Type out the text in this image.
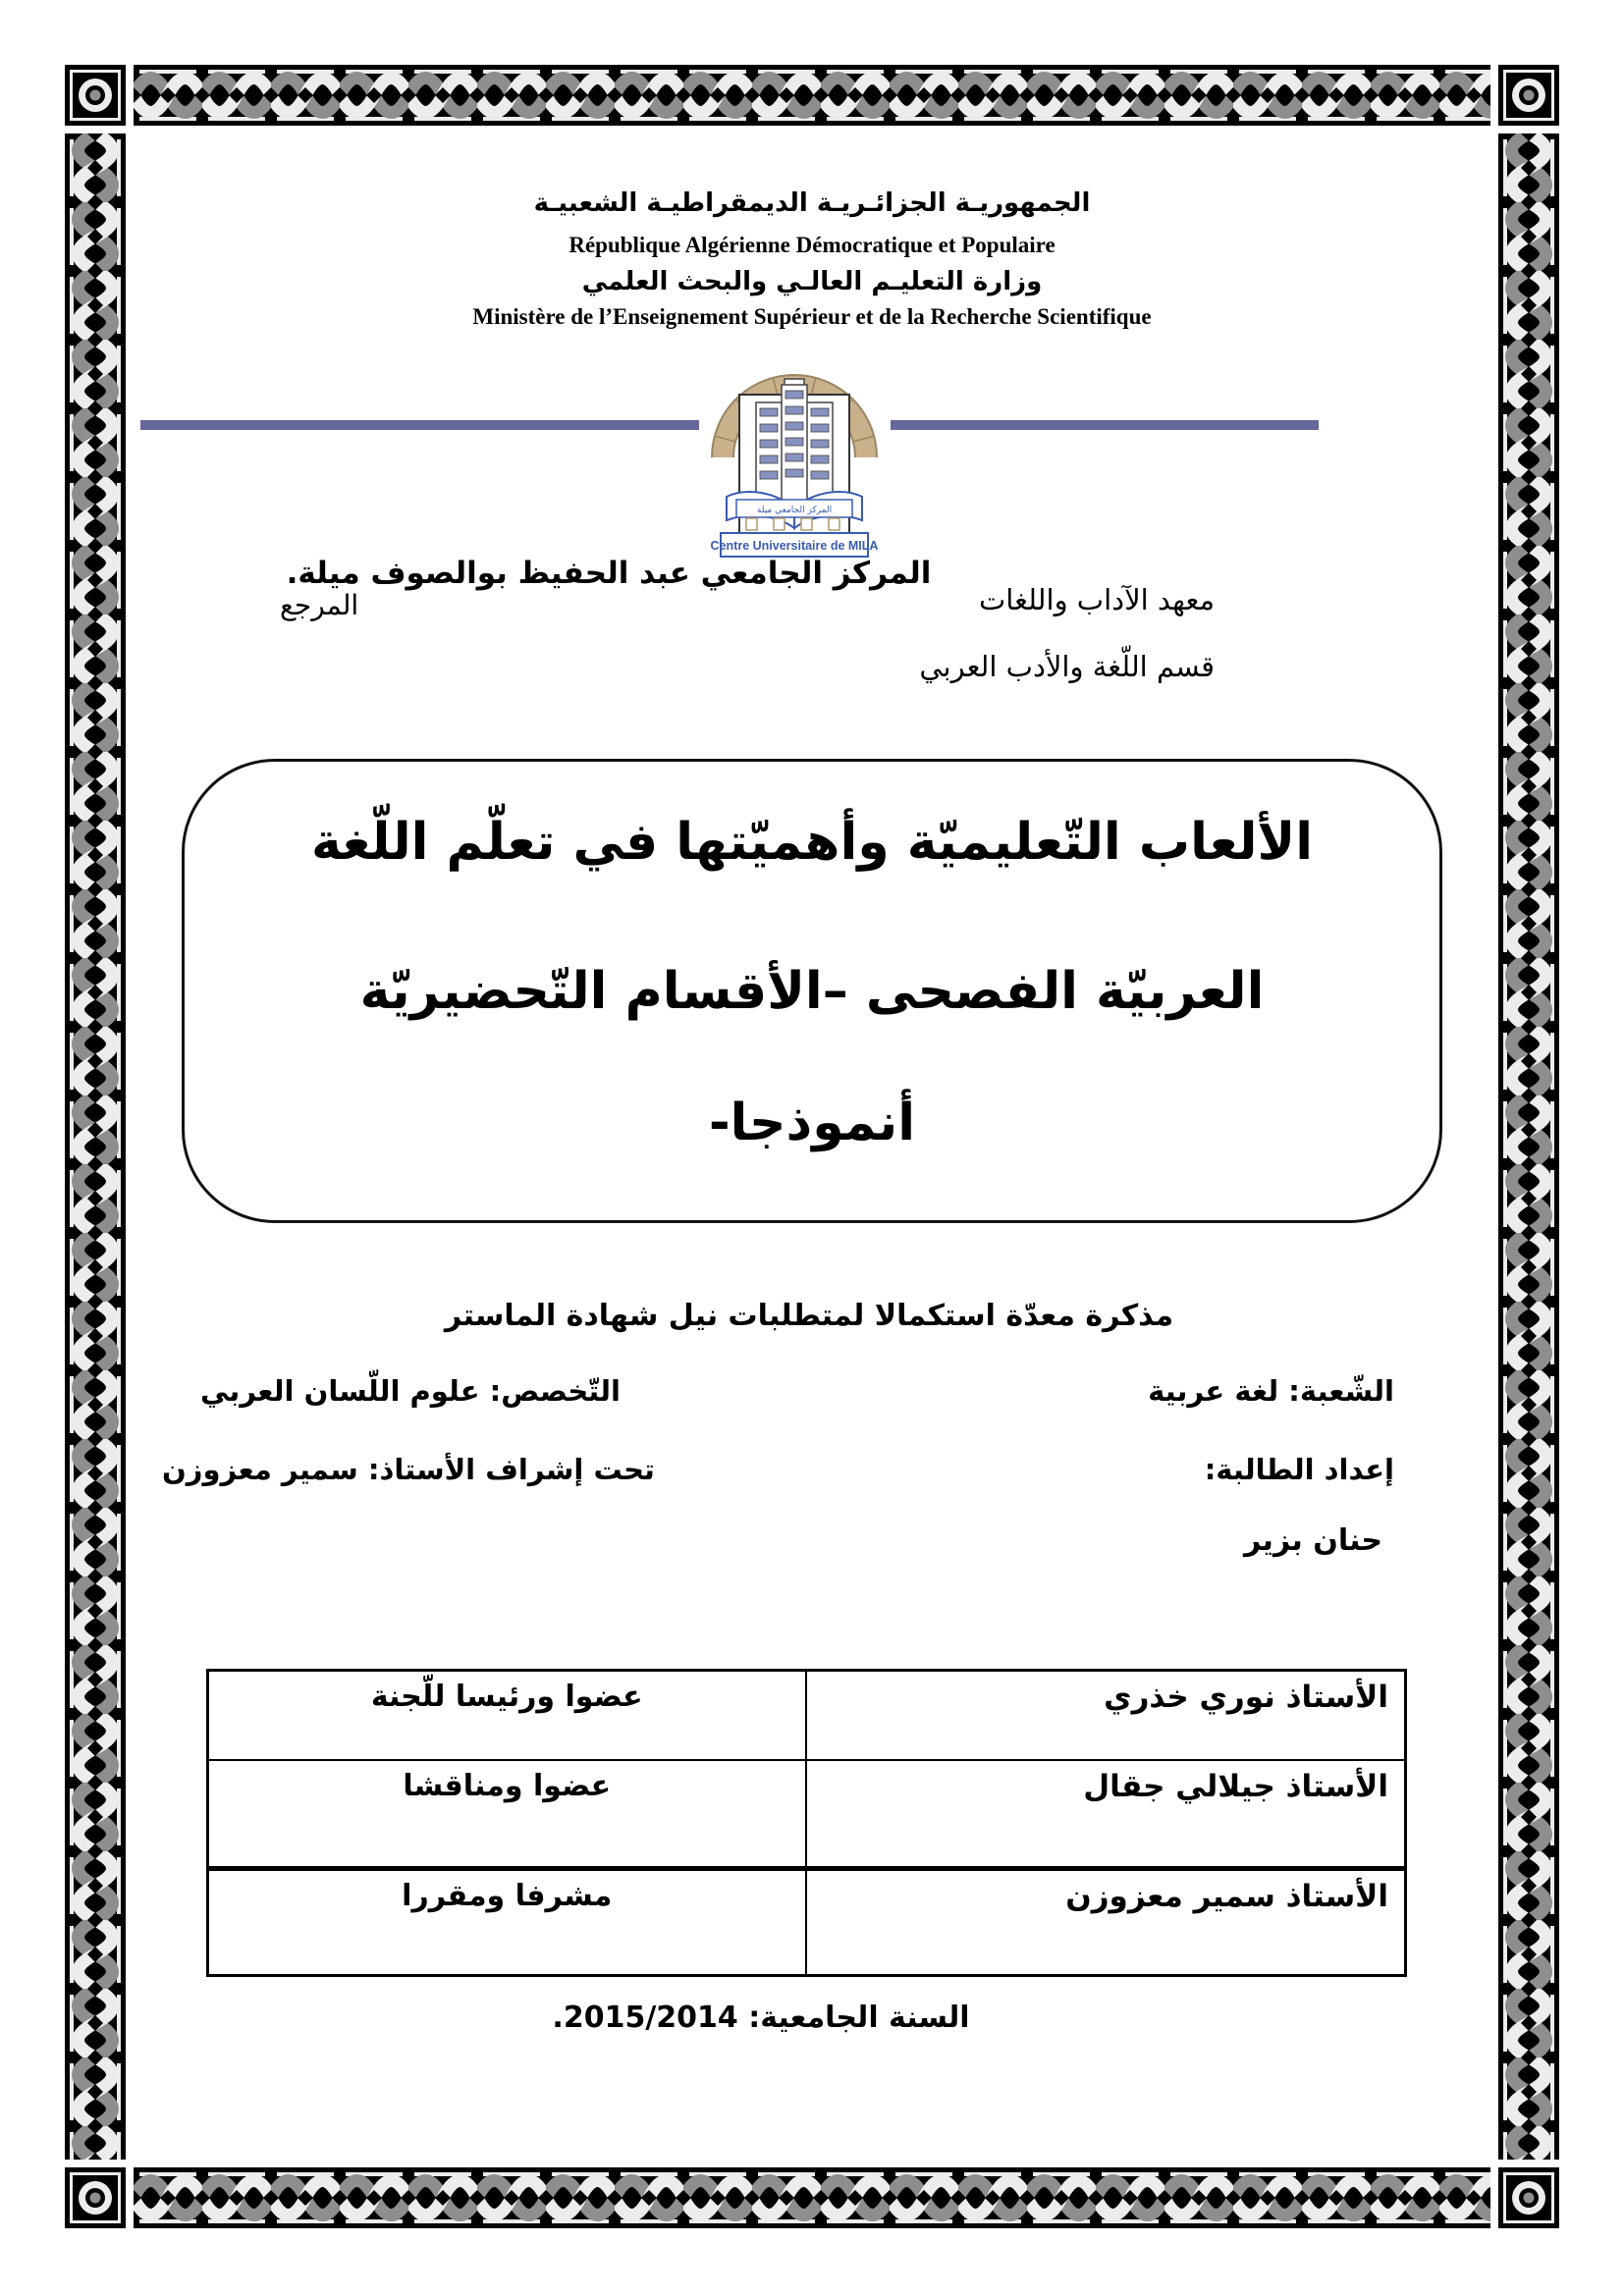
الجمهوريـة الجزائـريـة الديمقراطيـة الشعبيـة
République Algérienne Démocratique et Populaire
وزارة التعليـم العالـي والبحث العلمي
Ministère de l’Enseignement Supérieur et de la Recherche Scientifique
المركز الجامعي ميلة
Centre Universitaire de MILA
المركز الجامعي عبد الحفيظ بوالصوف ميلة.
معهد الآداب واللغات
المرجع
قسم اللّغة والأدب العربي
الألعاب التّعليميّة وأهميّتها في تعلّم اللّغة
العربيّة الفصحى –الأقسام التّحضيريّة
أنموذجا-
مذكرة معدّة استكمالا لمتطلبات نيل شهادة الماستر
الشّعبة: لغة عربية
التّخصص: علوم اللّسان العربي
إعداد الطالبة:
تحت إشراف الأستاذ: سمير معزوزن
حنان بزير
الأستاذ نوري خذري	عضوا ورئيسا للّجنة
الأستاذ جيلالي جقال	عضوا ومناقشا
الأستاذ سمير معزوزن	مشرفا ومقررا
السنة الجامعية: 2015/2014.
